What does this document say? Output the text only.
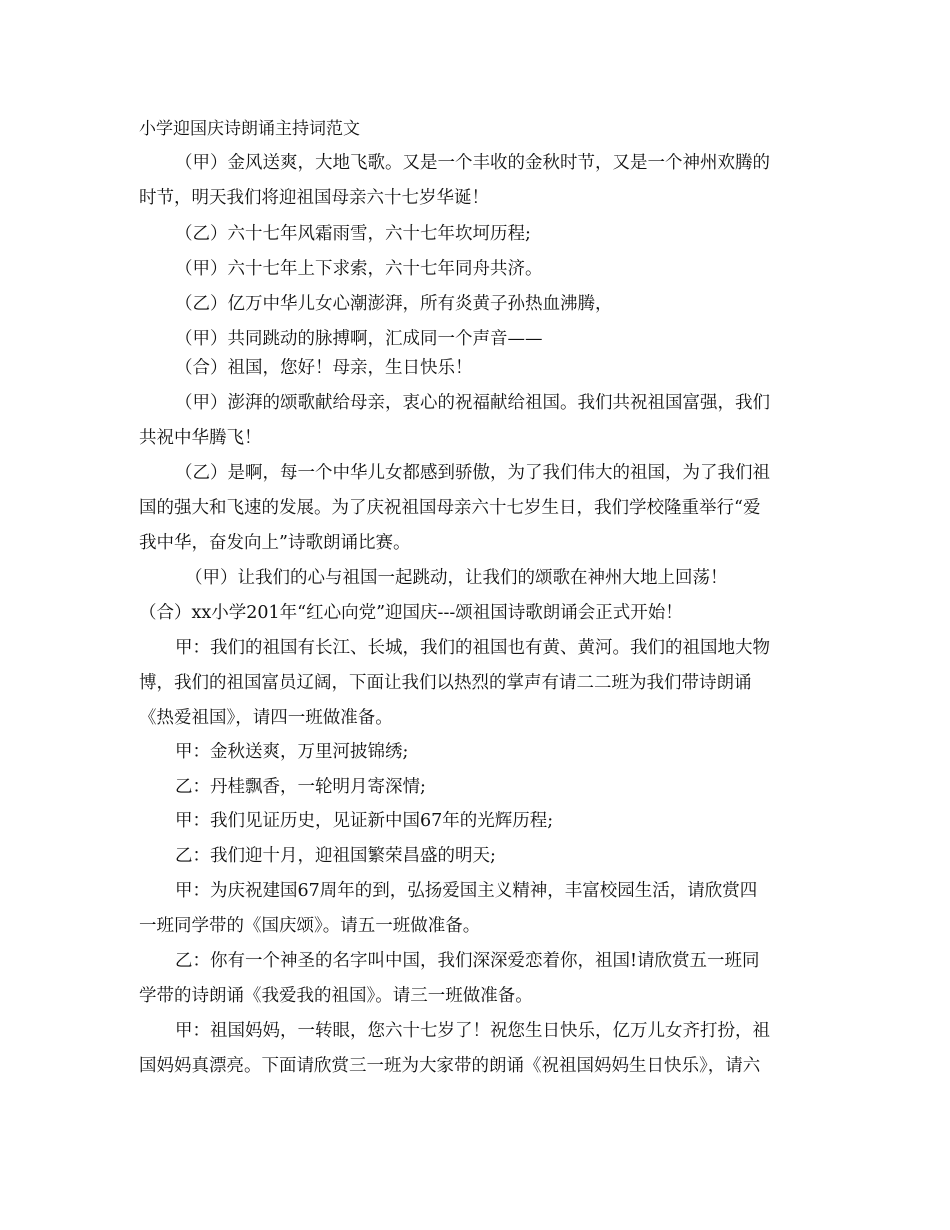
小学迎国庆诗朗诵主持词范文
（甲）金风送爽，大地飞歌。又是一个丰收的金秋时节，又是一个神州欢腾的
时节，明天我们将迎祖国母亲六十七岁华诞！
（乙）六十七年风霜雨雪，六十七年坎坷历程;
（甲）六十七年上下求索，六十七年同舟共济。
（乙）亿万中华儿女心潮澎湃，所有炎黄子孙热血沸腾，
（甲）共同跳动的脉搏啊，汇成同一个声音——
（合）祖国，您好！母亲，生日快乐！
（甲）澎湃的颂歌献给母亲，衷心的祝福献给祖国。我们共祝祖国富强，我们
共祝中华腾飞！
（乙）是啊，每一个中华儿女都感到骄傲，为了我们伟大的祖国，为了我们祖
国的强大和飞速的发展。为了庆祝祖国母亲六十七岁生日，我们学校隆重举行“爱
我中华，奋发向上”诗歌朗诵比赛。
（甲）让我们的心与祖国一起跳动，让我们的颂歌在神州大地上回荡！
（合）xx小学201年“红心向党”迎国庆---颂祖国诗歌朗诵会正式开始！
甲：我们的祖国有长江、长城，我们的祖国也有黄、黄河。我们的祖国地大物
博，我们的祖国富员辽阔，下面让我们以热烈的掌声有请二二班为我们带诗朗诵
《热爱祖国》，请四一班做准备。
甲：金秋送爽，万里河披锦绣;
乙：丹桂飘香，一轮明月寄深情;
甲：我们见证历史，见证新中国67年的光辉历程;
乙：我们迎十月，迎祖国繁荣昌盛的明天;
甲：为庆祝建国67周年的到，弘扬爱国主义精神，丰富校园生活，请欣赏四
一班同学带的《国庆颂》。请五一班做准备。
乙：你有一个神圣的名字叫中国，我们深深爱恋着你，祖国!请欣赏五一班同
学带的诗朗诵《我爱我的祖国》。请三一班做准备。
甲：祖国妈妈，一转眼，您六十七岁了！祝您生日快乐，亿万儿女齐打扮，祖
国妈妈真漂亮。下面请欣赏三一班为大家带的朗诵《祝祖国妈妈生日快乐》，请六
